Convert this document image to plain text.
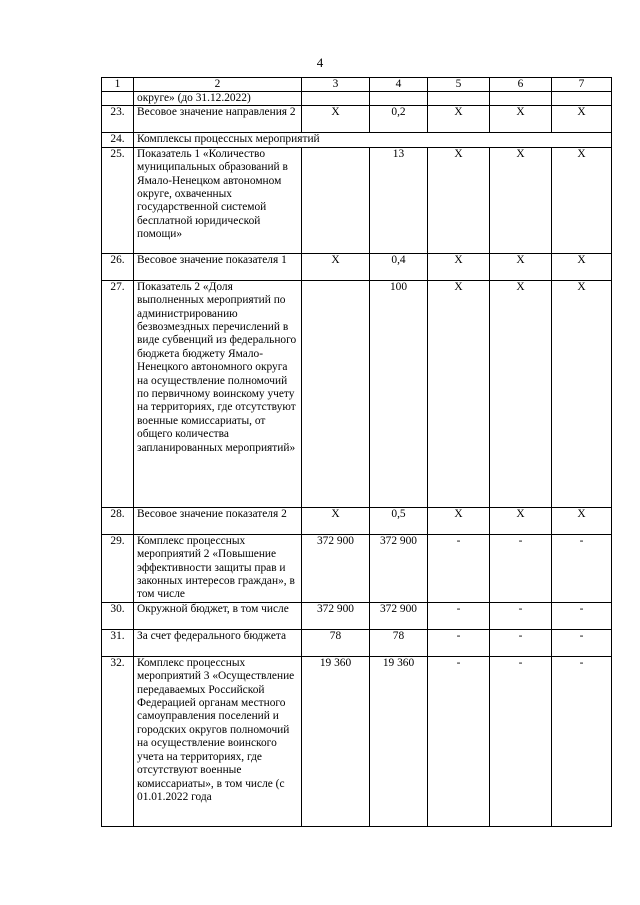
4
1	2	3	4	5	6	7
	округе» (до 31.12.2022)					
23.	Весовое значение направления 2	X	0,2	X	X	X
24.	Комплексы процессных мероприятий					
25.	Показатель 1 «Количество муниципальных образований в Ямало-Ненецком автономном округе, охваченных государственной системой бесплатной юридической помощи»		13	X	X	X
26.	Весовое значение показателя 1	X	0,4	X	X	X
27.	Показатель 2 «Доля выполненных мероприятий по администрированию безвозмездных перечислений в виде субвенций из федерального бюджета бюджету Ямало-Ненецкого автономного округа на осуществление полномочий по первичному воинскому учету на территориях, где отсутствуют военные комиссариаты, от общего количества запланированных мероприятий»		100	X	X	X
28.	Весовое значение показателя 2	X	0,5	X	X	X
29.	Комплекс процессных мероприятий 2 «Повышение эффективности защиты прав и законных интересов граждан», в том числе	372 900	372 900	-	-	-
30.	Окружной бюджет, в том числе	372 900	372 900	-	-	-
31.	За счет федерального бюджета	78	78	-	-	-
32.	Комплекс процессных мероприятий 3 «Осуществление передаваемых Российской Федерацией органам местного самоуправления поселений и городских округов полномочий на осуществление воинского учета на территориях, где отсутствуют военные комиссариаты», в том числе (с 01.01.2022 года	19 360	19 360	-	-	-
